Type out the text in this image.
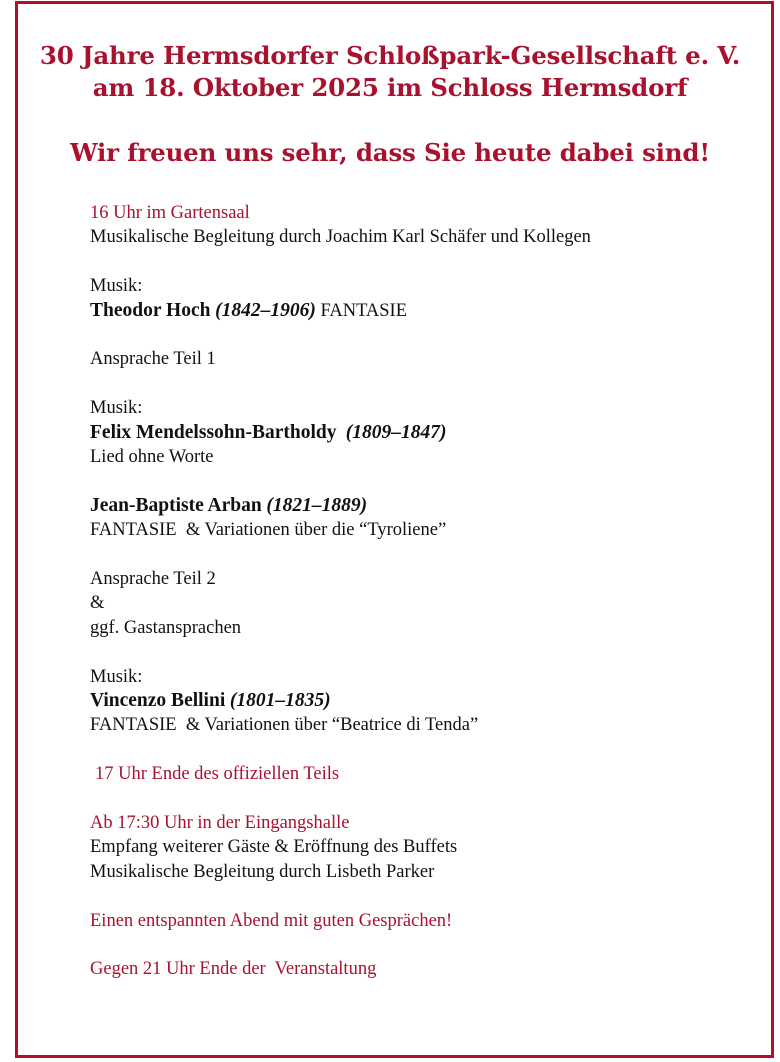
30 Jahre Hermsdorfer Schloßpark-Gesellschaft e. V.
am 18. Oktober 2025 im Schloss Hermsdorf
Wir freuen uns sehr, dass Sie heute dabei sind!

16 Uhr im Gartensaal

Musikalische Begleitung durch Joachim Karl Schäfer und Kollegen

Musik:

Theodor Hoch (1842–1906) FANTASIE

Ansprache Teil 1

Musik:

Felix Mendelssohn-Bartholdy (1809–1847)

Lied ohne Worte

Jean-Baptiste Arban (1821–1889)

FANTASIE  & Variationen über die “Tyroliene”

Ansprache Teil 2

&

ggf. Gastansprachen

Musik:

Vincenzo Bellini (1801–1835)

FANTASIE  & Variationen über “Beatrice di Tenda”

17 Uhr Ende des offiziellen Teils

Ab 17:30 Uhr in der Eingangshalle

Empfang weiterer Gäste & Eröffnung des Buffets

Musikalische Begleitung durch Lisbeth Parker

Einen entspannten Abend mit guten Gesprächen!

Gegen 21 Uhr Ende der  Veranstaltung
